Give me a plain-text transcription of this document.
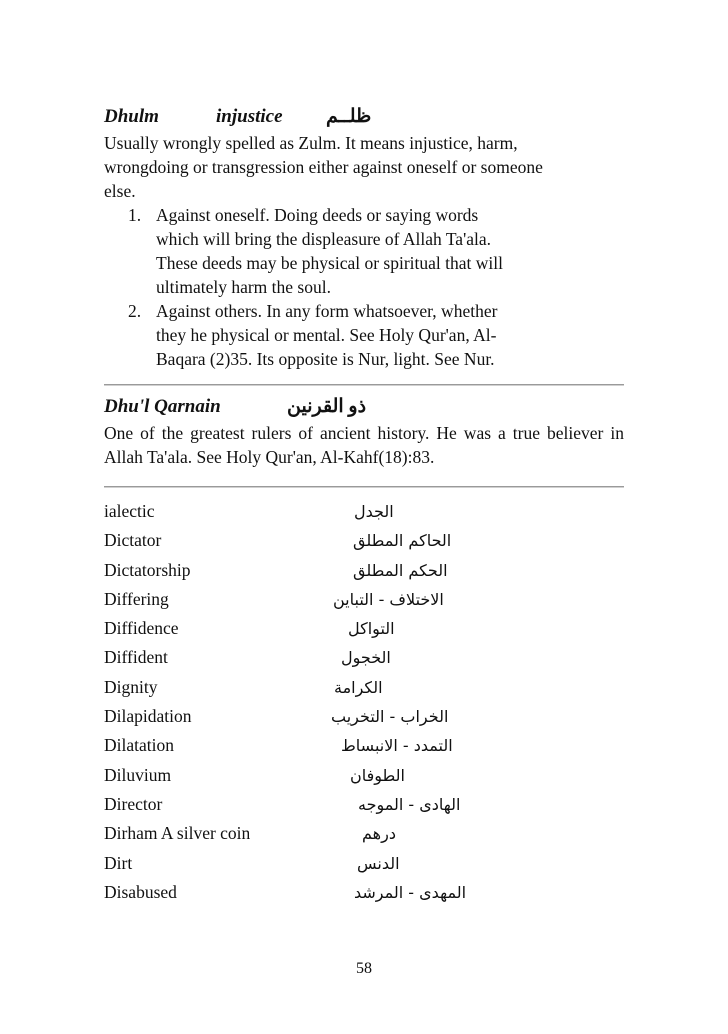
Dhulm	injustice ظلــم

Usually wrongly spelled as Zulm. It means injustice, harm,
wrongdoing or transgression either against oneself or someone
else.

1. Against oneself. Doing deeds or saying words
which will bring the displeasure of Allah Ta'ala.
These deeds may be physical or spiritual that will
ultimately harm the soul.
2. Against others. In any form whatsoever, whether
they he physical or mental. See Holy Qur'an, Al-
Baqara (2)35. Its opposite is Nur, light. See Nur.
Dhu'l Qarnain	ذو القرنين

One of the greatest rulers of ancient history. He was a true believer in Allah Ta'ala. See Holy Qur'an, Al-Kahf(18):83.

ialectic	الجدل
Dictator	الحاكم المطلق
Dictatorship	الحكم المطلق
Differing	الاختلاف - التباين
Diffidence	التواكل
Diffident	الخجول
Dignity	الكرامة
Dilapidation	الخراب - التخريب
Dilatation	التمدد - الانبساط
Diluvium	الطوفان
Director	الهادى - الموجه
Dirham A silver coin	درهم
Dirt	الدنس
Disabused	المهدى - المرشد
58
